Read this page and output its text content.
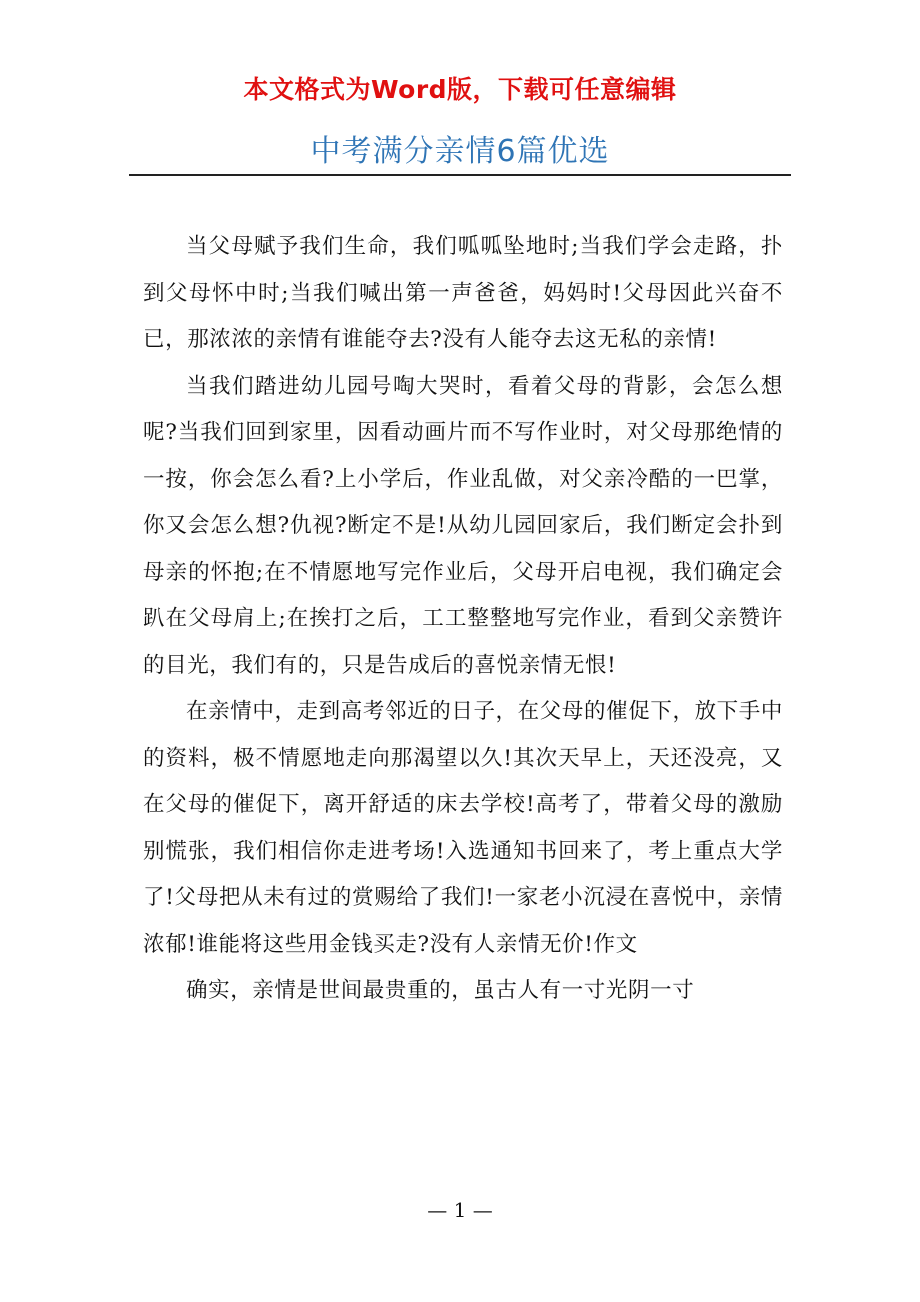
本文格式为Word版，下载可任意编辑
中考满分亲情6篇优选

当父母赋予我们生命，我们呱呱坠地时;当我们学会走路，扑到父母怀中时;当我们喊出第一声爸爸，妈妈时!父母因此兴奋不已，那浓浓的亲情有谁能夺去?没有人能夺去这无私的亲情!

当我们踏进幼儿园号啕大哭时，看着父母的背影，会怎么想呢?当我们回到家里，因看动画片而不写作业时，对父母那绝情的一按，你会怎么看?上小学后，作业乱做，对父亲冷酷的一巴掌，你又会怎么想?仇视?断定不是!从幼儿园回家后，我们断定会扑到母亲的怀抱;在不情愿地写完作业后，父母开启电视，我们确定会趴在父母肩上;在挨打之后，工工整整地写完作业，看到父亲赞许的目光，我们有的，只是告成后的喜悦亲情无恨!

在亲情中，走到高考邻近的日子，在父母的催促下，放下手中的资料，极不情愿地走向那渴望以久!其次天早上，天还没亮，又在父母的催促下，离开舒适的床去学校!高考了，带着父母的激励别慌张，我们相信你走进考场!入选通知书回来了，考上重点大学了!父母把从未有过的赏赐给了我们!一家老小沉浸在喜悦中，亲情浓郁!谁能将这些用金钱买走?没有人亲情无价!作文

确实，亲情是世间最贵重的，虽古人有一寸光阴一寸

— 1 —
